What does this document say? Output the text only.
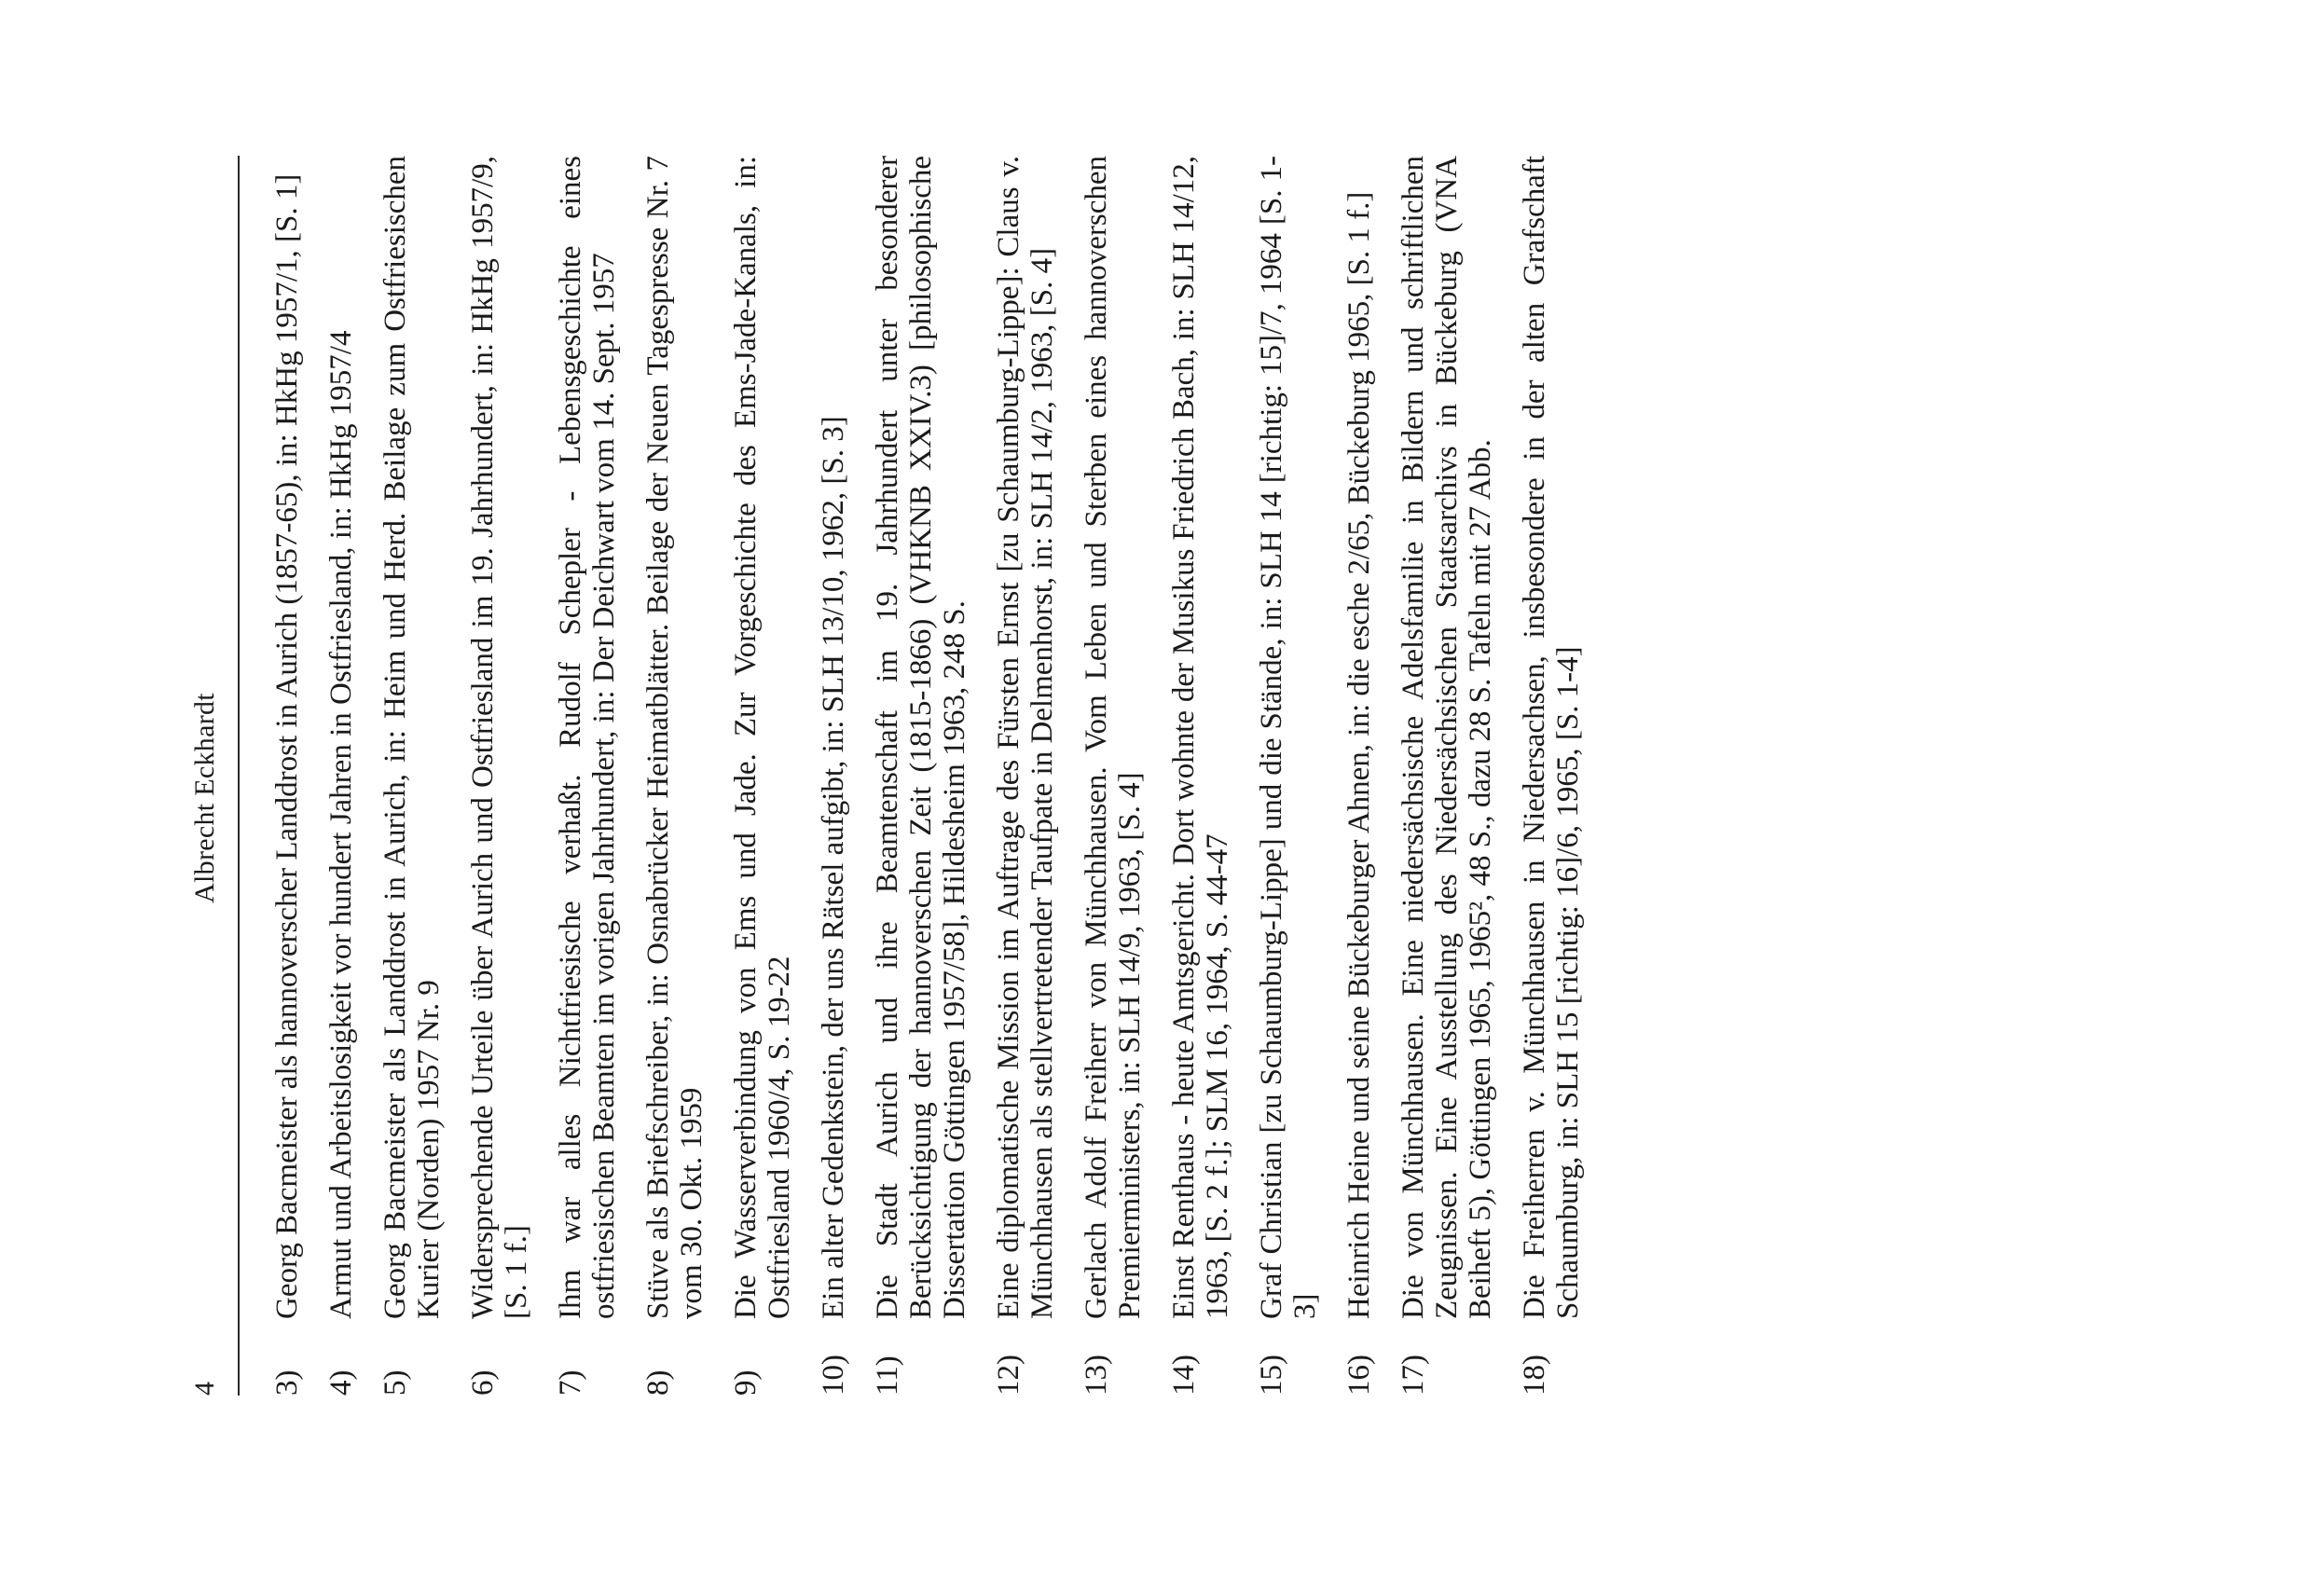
4
Albrecht Eckhardt
3)
Georg Bacmeister als hannoverscher Landdrost in Aurich (1857-65), in: HkHg 1957/1, [S. 1]
4)
Armut und Arbeitslosigkeit vor hundert Jahren in Ostfriesland, in: HkHg 1957/4
5)
Georg Bacmeister als Landdrost in Aurich, in: Heim und Herd. Beilage zum Ostfriesischen Kurier (Norden) 1957 Nr. 9
6)
Widersprechende Urteile über Aurich und Ostfriesland im 19. Jahrhundert, in: HkHg 1957/9, [S. 1 f.]
7)
Ihm war alles Nichtfriesische verhaßt. Rudolf Schepler - Lebensgeschichte eines ostfriesischen Beamten im vorigen Jahrhundert, in: Der Deichwart vom 14. Sept. 1957
8)
Stüve als Briefschreiber, in: Osnabrücker Heimatblätter. Beilage der Neuen Tagespresse Nr. 7 vom 30. Okt. 1959
9)
Die Wasserverbindung von Ems und Jade. Zur Vorgeschichte des Ems-Jade-Kanals, in: Ostfriesland 1960/4, S. 19-22
10)
Ein alter Gedenkstein, der uns Rätsel aufgibt, in: SLH 13/10, 1962, [S. 3]
11)
Die Stadt Aurich und ihre Beamtenschaft im 19. Jahrhundert unter besonderer Berücksichtigung der hannoverschen Zeit (1815-1866) (VHKNB XXIV.3) [philosophische Dissertation Göttingen 1957/58], Hildesheim 1963, 248 S.
12)
Eine diplomatische Mission im Auftrage des Fürsten Ernst [zu Schaumburg-Lippe]: Claus v. Münchhausen als stellvertretender Taufpate in Delmenhorst, in: SLH 14/2, 1963, [S. 4]
13)
Gerlach Adolf Freiherr von Münchhausen. Vom Leben und Sterben eines hannoverschen Premierministers, in: SLH 14/9, 1963, [S. 4]
14)
Einst Renthaus - heute Amtsgericht. Dort wohnte der Musikus Friedrich Bach, in: SLH 14/12, 1963, [S. 2 f.]; SLM 16, 1964, S. 44-47
15)
Graf Christian [zu Schaumburg-Lippe] und die Stände, in: SLH 14 [richtig: 15]/7, 1964 [S. 1-3]
16)
Heinrich Heine und seine Bückeburger Ahnen, in: die esche 2/65, Bückeburg 1965, [S. 1 f.]
17)
Die von Münchhausen. Eine niedersächsische Adelsfamilie in Bildern und schriftlichen Zeugnissen. Eine Ausstellung des Niedersächsischen Staatsarchivs in Bückeburg (VNA Beiheft 5), Göttingen 1965, 1965², 48 S., dazu 28 S. Tafeln mit 27 Abb.
18)
Die Freiherren v. Münchhausen in Niedersachsen, insbesondere in der alten Grafschaft Schaumburg, in: SLH 15 [richtig: 16]/6, 1965, [S. 1-4]
